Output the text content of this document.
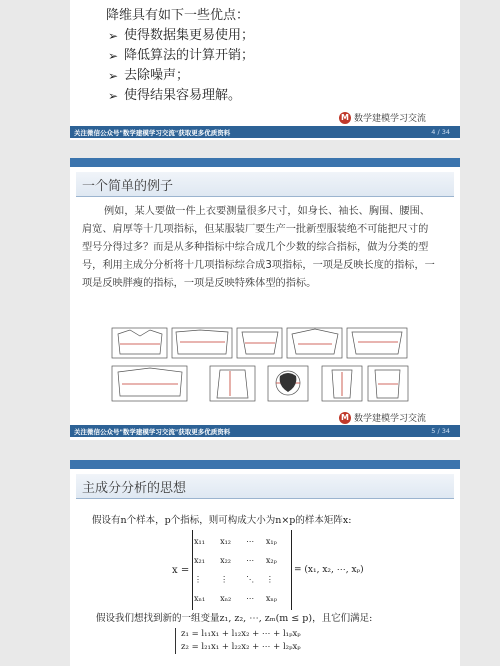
降维具有如下一些优点：
➢ 使得数据集更易使用；
➢ 降低算法的计算开销；
➢ 去除噪声；
➢ 使得结果容易理解。
M 数学建模学习交流
关注微信公众号"数学建模学习交流"获取更多优质资料	4 / 34
一个简单的例子
例如，某人要做一件上衣要测量很多尺寸，如身长、袖长、胸围、腰围、肩宽、肩厚等十几项指标，但某服装厂要生产一批新型服装绝不可能把尺寸的型号分得过多？而是从多种指标中综合成几个少数的综合指标，做为分类的型号，利用主成分分析将十几项指标综合成3项指标，一项是反映长度的指标，一项是反映胖瘦的指标，一项是反映特殊体型的指标。
M 数学建模学习交流
关注微信公众号"数学建模学习交流"获取更多优质资料	5 / 34
主成分分析的思想
假设有n个样本，p个指标，则可构成大小为n×p的样本矩阵x:
x =
x₁₁	x₁₂	⋯	x₁ₚ
x₂₁	x₂₂	⋯	x₂ₚ
⋮	⋮	⋱	⋮
xₙ₁	xₙ₂	⋯	xₙₚ
= (x₁, x₂, ⋯, xₚ)
假设我们想找到新的一组变量z₁, z₂, ⋯, zₘ(m ≤ p)，且它们满足:
z₁ = l₁₁x₁ + l₁₂x₂ + ⋯ + l₁ₚxₚ
z₂ = l₂₁x₁ + l₂₂x₂ + ⋯ + l₂ₚxₚ
